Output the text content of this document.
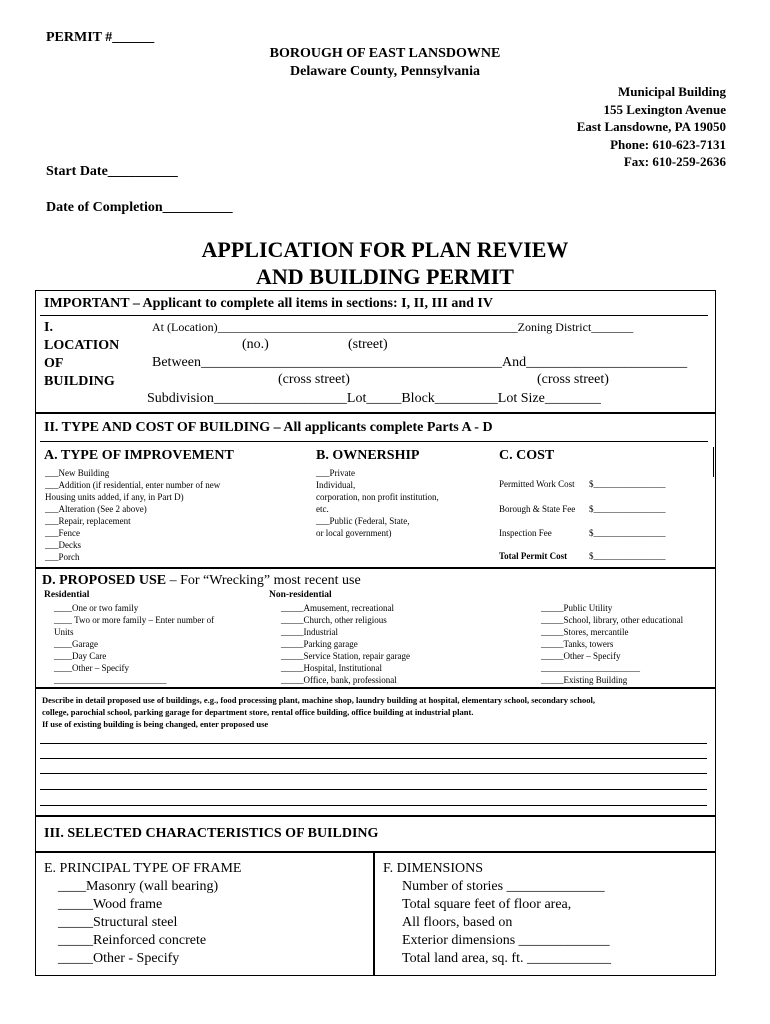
PERMIT #______
BOROUGH OF EAST LANSDOWNE
Delaware County, Pennsylvania
Municipal Building
155 Lexington Avenue
East Lansdowne, PA 19050
Phone: 610-623-7131
Fax: 610-259-2636
Start Date__________
Date of Completion__________
APPLICATION FOR PLAN REVIEW
AND BUILDING PERMIT
IMPORTANT – Applicant to complete all items in sections: I, II, III and IV
I.
LOCATION
OF
BUILDING
At (Location)__________________________________________________Zoning District_______
(no.)	(street)
Between___________________________________________And_______________________
(cross street)	(cross street)
Subdivision___________________Lot_____Block_________Lot Size________
II. TYPE AND COST OF BUILDING – All applicants complete Parts A - D
A. TYPE OF IMPROVEMENT
___New Building
___Addition (if residential, enter number of new
Housing units added, if any, in Part D)
___Alteration (See 2 above)
___Repair, replacement
___Fence
___Decks
___Porch
B. OWNERSHIP
___Private
Individual,
corporation, non profit institution,
etc.
___Public (Federal, State,
or local government)
C. COST
Permitted Work Cost $________________
Borough & State Fee $________________
Inspection Fee	$________________
Total Permit Cost $________________
D. PROPOSED USE – For “Wrecking” most recent use
Residential
____One or two family
____ Two or more family – Enter number of
Units
____Garage
____Day Care
____Other – Specify
_________________________
Non-residential
_____Amusement, recreational
_____Church, other religious
_____Industrial
_____Parking garage
_____Service Station, repair garage
_____Hospital, Institutional
_____Office, bank, professional
_____Public Utility
_____School, library, other educational
_____Stores, mercantile
_____Tanks, towers
_____Other – Specify
______________________
_____Existing Building
Describe in detail proposed use of buildings, e.g., food processing plant, machine shop, laundry building at hospital, elementary school, secondary school,
college, parochial school, parking garage for department store, rental office building, office building at industrial plant.
If use of existing building is being changed, enter proposed use
III. SELECTED CHARACTERISTICS OF BUILDING
E. PRINCIPAL TYPE OF FRAME
____Masonry (wall bearing)
_____Wood frame
_____Structural steel
_____Reinforced concrete
_____Other - Specify
F. DIMENSIONS
Number of stories ______________
Total square feet of floor area,
All floors, based on
Exterior dimensions _____________
Total land area, sq. ft. ____________
